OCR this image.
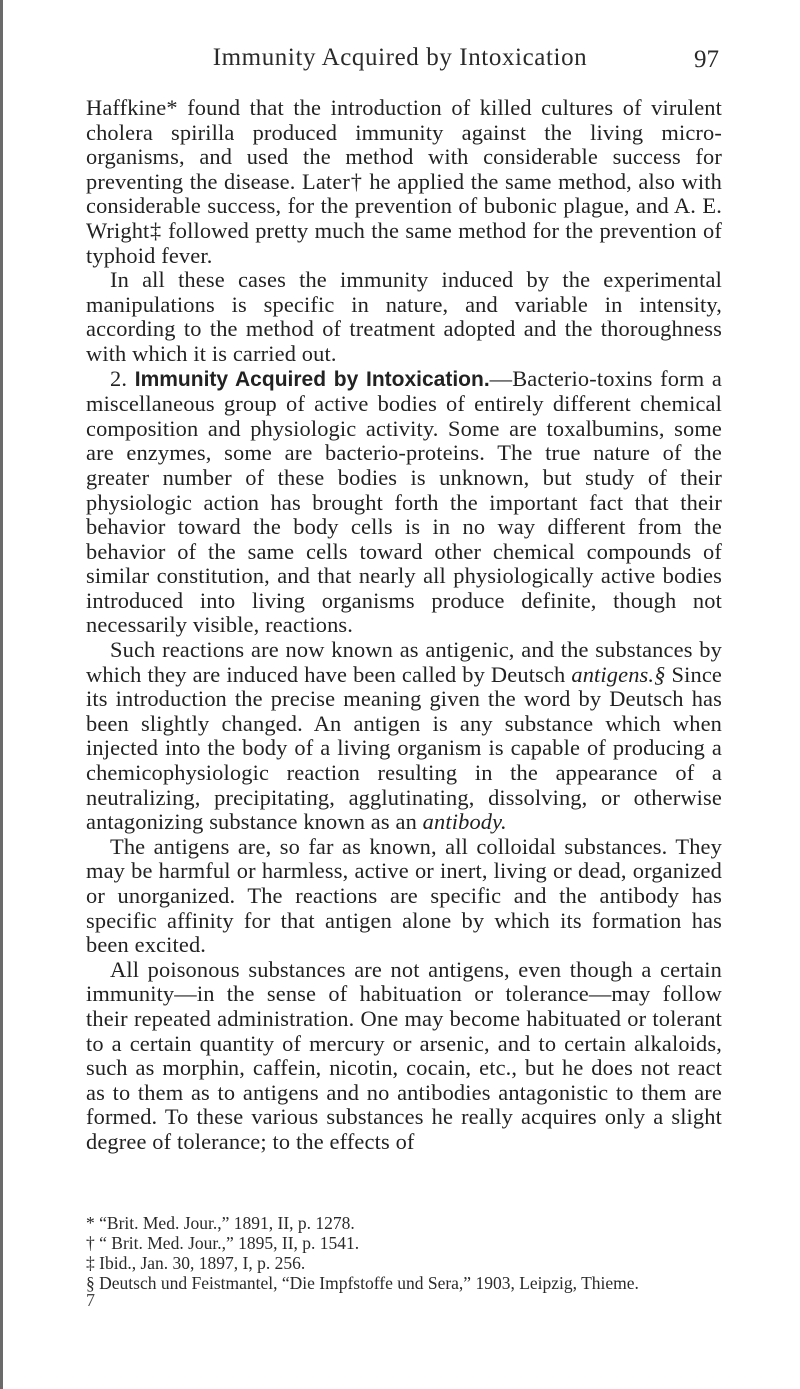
Immunity Acquired by Intoxication	97

Haffkine* found that the introduction of killed cultures of virulent cholera spirilla produced immunity against the living micro-organisms, and used the method with considerable success for preventing the disease. Later† he applied the same method, also with considerable success, for the prevention of bubonic plague, and A. E. Wright‡ followed pretty much the same method for the prevention of typhoid fever.

In all these cases the immunity induced by the experimental manipulations is specific in nature, and variable in intensity, according to the method of treatment adopted and the thoroughness with which it is carried out.

2. Immunity Acquired by Intoxication.—Bacterio-toxins form a miscellaneous group of active bodies of entirely different chemical composition and physiologic activity. Some are toxalbumins, some are enzymes, some are bacterio-proteins. The true nature of the greater number of these bodies is unknown, but study of their physiologic action has brought forth the important fact that their behavior toward the body cells is in no way different from the behavior of the same cells toward other chemical compounds of similar constitution, and that nearly all physiologically active bodies introduced into living organisms produce definite, though not necessarily visible, reactions.

Such reactions are now known as antigenic, and the substances by which they are induced have been called by Deutsch antigens.§ Since its introduction the precise meaning given the word by Deutsch has been slightly changed. An antigen is any substance which when injected into the body of a living organism is capable of producing a chemicophysiologic reaction resulting in the appearance of a neutralizing, precipitating, agglutinating, dissolving, or otherwise antagonizing substance known as an antibody.

The antigens are, so far as known, all colloidal substances. They may be harmful or harmless, active or inert, living or dead, organized or unorganized. The reactions are specific and the antibody has specific affinity for that antigen alone by which its formation has been excited.

All poisonous substances are not antigens, even though a certain immunity—in the sense of habituation or tolerance—may follow their repeated administration. One may become habituated or tolerant to a certain quantity of mercury or arsenic, and to certain alkaloids, such as morphin, caffein, nicotin, cocain, etc., but he does not react as to them as to antigens and no antibodies antagonistic to them are formed. To these various substances he really acquires only a slight degree of tolerance; to the effects of

* “Brit. Med. Jour.,” 1891, II, p. 1278.
† “ Brit. Med. Jour.,” 1895, II, p. 1541.
‡ Ibid., Jan. 30, 1897, I, p. 256.
§ Deutsch und Feistmantel, “Die Impfstoffe und Sera,” 1903, Leipzig, Thieme.
7
